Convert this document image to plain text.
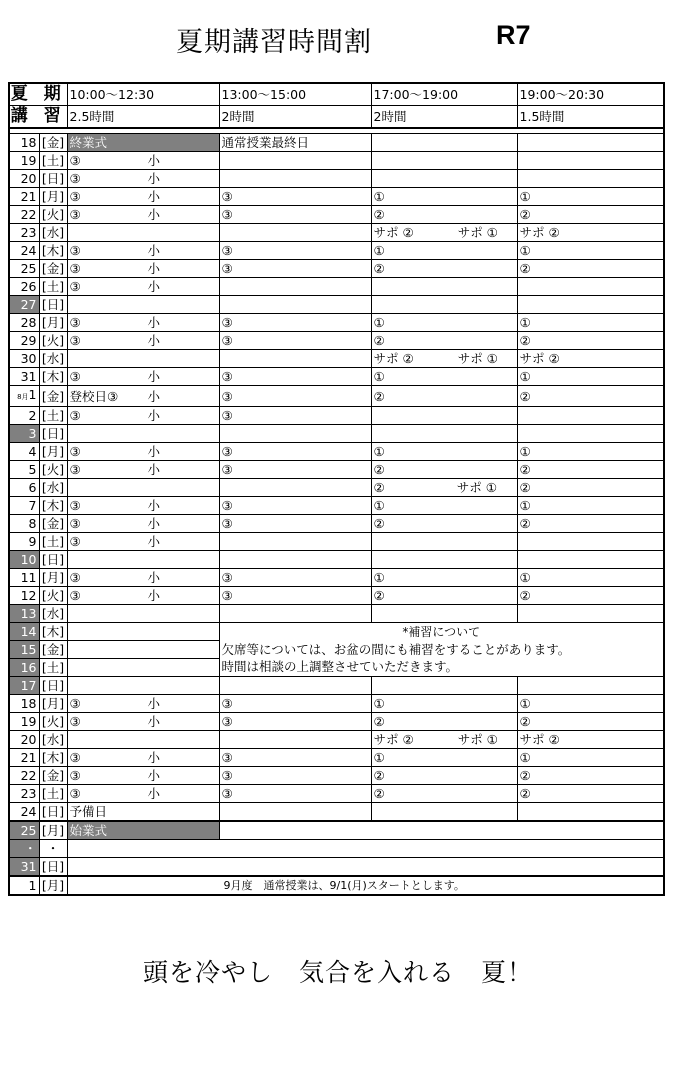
夏期講習時間割	R7
夏 期		10:00～12:30	13:00～15:00	17:00～19:00	19:00～20:30
講 習		2.5時間	2時間	2時間	1.5時間

18	[金]	終業式	通常授業最終日		
19	[土]	③ 小			
20	[日]	③ 小			
21	[月]	③ 小	③	①	①
22	[火]	③ 小	③	②	②
23	[水]			サポ ② サポ ①	サポ ②
24	[木]	③ 小	③	①	①
25	[金]	③ 小	③	②	②
26	[土]	③ 小			
27	[日]				
28	[月]	③ 小	③	①	①
29	[火]	③ 小	③	②	②
30	[水]			サポ ② サポ ①	サポ ②
31	[木]	③ 小	③	①	①
8月1	[金]	登校日③ 小	③	②	②
2	[土]	③ 小	③		
3	[日]				
4	[月]	③ 小	③	①	①
5	[火]	③ 小	③	②	②
6	[水]			② サポ ①	②
7	[木]	③ 小	③	①	①
8	[金]	③ 小	③	②	②
9	[土]	③ 小			
10	[日]				
11	[月]	③ 小	③	①	①
12	[火]	③ 小	③	②	②
13	[水]				
14	[木]		*補習について
欠席等については、お盆の間にも補習をすることがあります。
時間は相談の上調整させていただきます。		

15	[金]				
16	[土]				
17	[日]				
18	[月]	③ 小	③	①	①
19	[火]	③ 小	③	②	②
20	[水]			サポ ② サポ ①	サポ ②
21	[木]	③ 小	③	①	①
22	[金]	③ 小	③	②	②
23	[土]	③ 小	③	②	②
24	[日]	予備日			
25	[月]	始業式			
・	・				
31	[日]				
1	[月]	9月度　通常授業は、9/1(月)スタートとします。			
頭を冷やし　気合を入れる　夏！
